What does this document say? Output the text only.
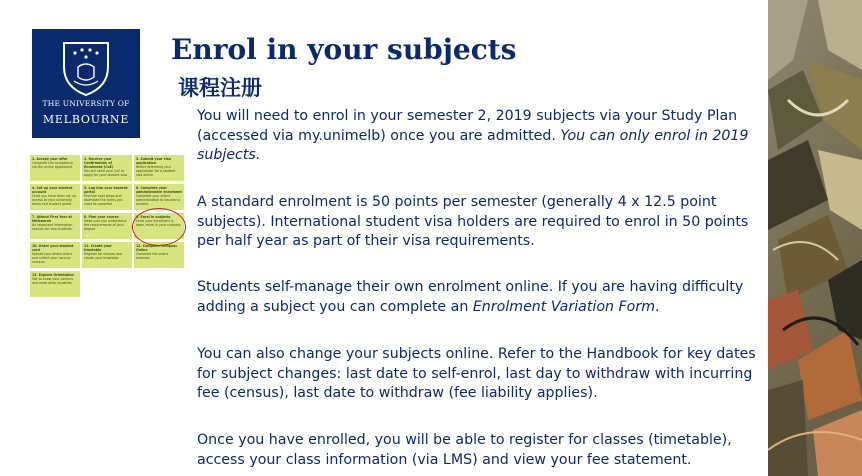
THE UNIVERSITY OF
MELBOURNE
Enrol in your subjects
课程注册
1. Accept your offer
Complete the acceptance via the online agreement
2. Receive your Confirmation of Enrolment (CoE)
You will need your CoE to apply for your student visa
3. Submit your visa application
Before attending your application for a student visa online
4. Set up your student account
Once you have been set up access to your university email and student portal
5. Log into your student portal
Find the next steps and download the forms you need to complete
6. Complete your administrative enrolment
Complete your online administration to become a student
7. Attend First Year at Melbourne
An important information session for new students
8. Plan your course
Make sure you understand the requirements of your degree
9. Enrol in subjects
Once your enrolment is open, enrol in your subjects
10. Order your student card
Upload your photo online and collect your card on campus
11. Create your timetable
Register for classes and create your timetable
12. Complete Compass Online
Complete the online modules
13. Explore Orientation
Get to know your campus and meet other students

You will need to enrol in your semester 2, 2019 subjects via your Study Plan (accessed via my.unimelb) once you are admitted. You can only enrol in 2019 subjects.

A standard enrolment is 50 points per semester (generally 4 x 12.5 point subjects). International student visa holders are required to enrol in 50 points per half year as part of their visa requirements.

Students self-manage their own enrolment online. If you are having difficulty adding a subject you can complete an Enrolment Variation Form.

You can also change your subjects online. Refer to the Handbook for key dates for subject changes: last date to self-enrol, last day to withdraw with incurring fee (census), last date to withdraw (fee liability applies).

Once you have enrolled, you will be able to register for classes (timetable), access your class information (via LMS) and view your fee statement.
